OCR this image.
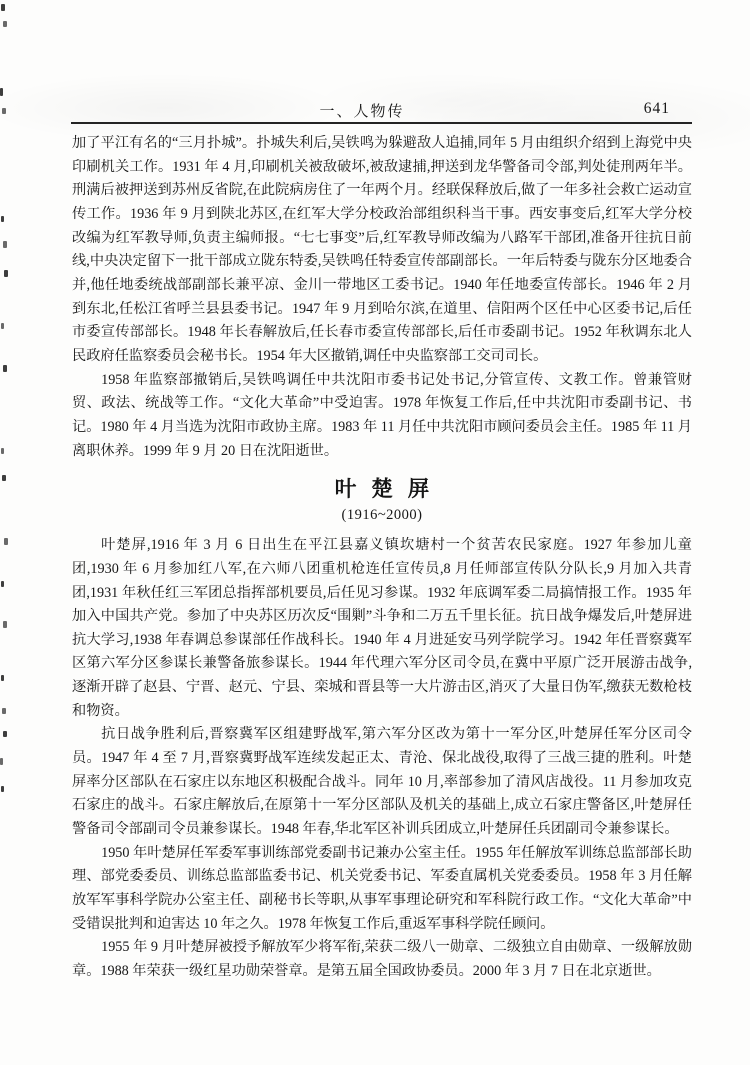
一、人物传	641

加了平江有名的“三月扑城”。扑城失利后,吴铁鸣为躲避敌人追捕,同年 5 月由组织介绍到上海党中央印刷机关工作。1931 年 4 月,印刷机关被敌破坏,被敌逮捕,押送到龙华警备司令部,判处徒刑两年半。刑满后被押送到苏州反省院,在此院病房住了一年两个月。经联保释放后,做了一年多社会救亡运动宣传工作。1936 年 9 月到陕北苏区,在红军大学分校政治部组织科当干事。西安事变后,红军大学分校改编为红军教导师,负责主编师报。“七七事变”后,红军教导师改编为八路军干部团,准备开往抗日前线,中央决定留下一批干部成立陇东特委,吴铁鸣任特委宣传部副部长。一年后特委与陇东分区地委合并,他任地委统战部副部长兼平凉、金川一带地区工委书记。1940 年任地委宣传部长。1946 年 2 月到东北,任松江省呼兰县县委书记。1947 年 9 月到哈尔滨,在道里、信阳两个区任中心区委书记,后任市委宣传部部长。1948 年长春解放后,任长春市委宣传部部长,后任市委副书记。1952 年秋调东北人民政府任监察委员会秘书长。1954 年大区撤销,调任中央监察部工交司司长。

1958 年监察部撤销后,吴铁鸣调任中共沈阳市委书记处书记,分管宣传、文教工作。曾兼管财贸、政法、统战等工作。“文化大革命”中受迫害。1978 年恢复工作后,任中共沈阳市委副书记、书记。1980 年 4 月当选为沈阳市政协主席。1983 年 11 月任中共沈阳市顾问委员会主任。1985 年 11 月离职休养。1999 年 9 月 20 日在沈阳逝世。

叶楚屏
(1916~2000)

叶楚屏,1916 年 3 月 6 日出生在平江县嘉义镇坎塘村一个贫苦农民家庭。1927 年参加儿童团,1930 年 6 月参加红八军,在六师八团重机枪连任宣传员,8 月任师部宣传队分队长,9 月加入共青团,1931 年秋任红三军团总指挥部机要员,后任见习参谋。1932 年底调军委二局搞情报工作。1935 年加入中国共产党。参加了中央苏区历次反“围剿”斗争和二万五千里长征。抗日战争爆发后,叶楚屏进抗大学习,1938 年春调总参谋部任作战科长。1940 年 4 月进延安马列学院学习。1942 年任晋察冀军区第六军分区参谋长兼警备旅参谋长。1944 年代理六军分区司令员,在冀中平原广泛开展游击战争,逐渐开辟了赵县、宁晋、赵元、宁县、栾城和晋县等一大片游击区,消灭了大量日伪军,缴获无数枪枝和物资。

抗日战争胜利后,晋察冀军区组建野战军,第六军分区改为第十一军分区,叶楚屏任军分区司令员。1947 年 4 至 7 月,晋察冀野战军连续发起正太、青沧、保北战役,取得了三战三捷的胜利。叶楚屏率分区部队在石家庄以东地区积极配合战斗。同年 10 月,率部参加了清风店战役。11 月参加攻克石家庄的战斗。石家庄解放后,在原第十一军分区部队及机关的基础上,成立石家庄警备区,叶楚屏任警备司令部副司令员兼参谋长。1948 年春,华北军区补训兵团成立,叶楚屏任兵团副司令兼参谋长。

1950 年叶楚屏任军委军事训练部党委副书记兼办公室主任。1955 年任解放军训练总监部部长助理、部党委委员、训练总监部监委书记、机关党委书记、军委直属机关党委委员。1958 年 3 月任解放军军事科学院办公室主任、副秘书长等职,从事军事理论研究和军科院行政工作。“文化大革命”中受错误批判和迫害达 10 年之久。1978 年恢复工作后,重返军事科学院任顾问。

1955 年 9 月叶楚屏被授予解放军少将军衔,荣获二级八一勋章、二级独立自由勋章、一级解放勋章。1988 年荣获一级红星功勋荣誉章。是第五届全国政协委员。2000 年 3 月 7 日在北京逝世。
